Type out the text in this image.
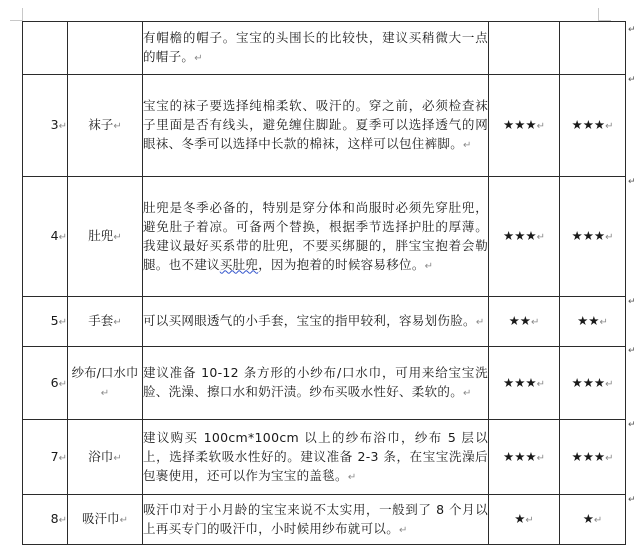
↵
↵
↵
↵
↵
↵
↵
		有帽檐的帽子。宝宝的头围长的比较快，建议买稍微大一点的帽子。↵		
3↵	袜子↵	宝宝的袜子要选择纯棉柔软、吸汗的。穿之前，必须检查袜子里面是否有线头，避免缠住脚趾。夏季可以选择透气的网眼袜、冬季可以选择中长款的棉袜，这样可以包住裤脚。↵	★★★↵	★★★↵
4↵	肚兜↵	肚兜是冬季必备的，特别是穿分体和尚服时必须先穿肚兜，避免肚子着凉。可备两个替换，根据季节选择护肚的厚薄。我建议最好买系带的肚兜，不要买绑腿的，胖宝宝抱着会勒腿。也不建议买肚兜，因为抱着的时候容易移位。↵	★★★↵	★★★↵
5↵	手套↵	可以买网眼透气的小手套，宝宝的指甲较利，容易划伤脸。↵	★★↵	★★↵
6↵	纱布/口水巾↵	建议准备 10-12 条方形的小纱布/口水巾，可用来给宝宝洗脸、洗澡、擦口水和奶汗渍。纱布买吸水性好、柔软的。↵	★★★↵	★★★↵
7↵	浴巾↵	建议购买 100cm*100cm 以上的纱布浴巾，纱布 5 层以上，选择柔软吸水性好的。建议准备 2-3 条，在宝宝洗澡后包裹使用，还可以作为宝宝的盖毯。↵	★★★↵	★★★↵
8↵	吸汗巾↵	吸汗巾对于小月龄的宝宝来说不太实用，一般到了 8 个月以上再买专门的吸汗巾，小时候用纱布就可以。↵	★↵	★↵
